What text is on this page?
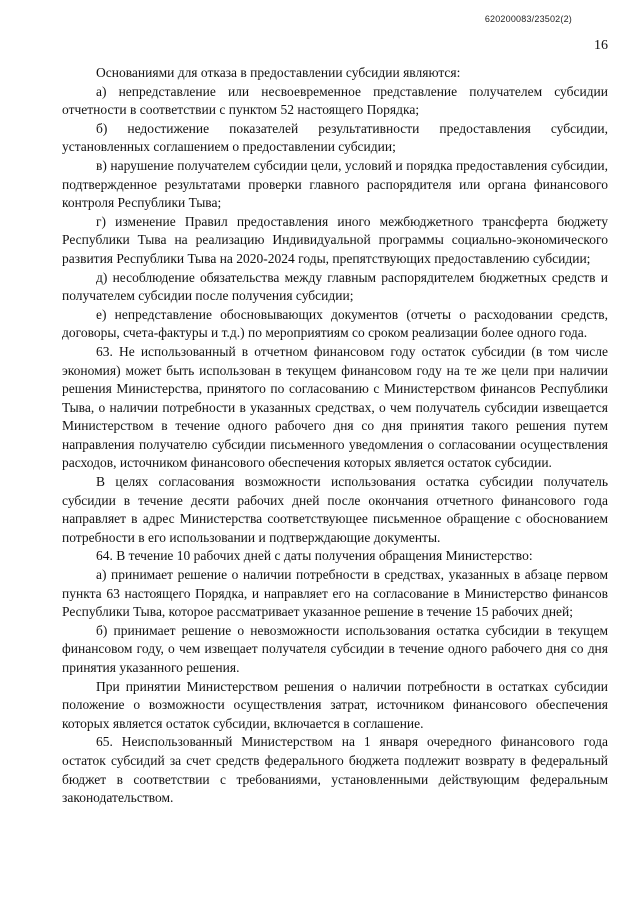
620200083/23502(2)
16

Основаниями для отказа в предоставлении субсидии являются:

а) непредставление или несвоевременное представление получателем субсидии отчетности в соответствии с пунктом 52 настоящего Порядка;

б) недостижение показателей результативности предоставления субсидии, установленных соглашением о предоставлении субсидии;

в) нарушение получателем субсидии цели, условий и порядка предоставления субсидии, подтвержденное результатами проверки главного распорядителя или органа финансового контроля Республики Тыва;

г) изменение Правил предоставления иного межбюджетного трансферта бюджету Республики Тыва на реализацию Индивидуальной программы социально-экономического развития Республики Тыва на 2020-2024 годы, препятствующих предоставлению субсидии;

д) несоблюдение обязательства между главным распорядителем бюджетных средств и получателем субсидии после получения субсидии;

е) непредставление обосновывающих документов (отчеты о расходовании средств, договоры, счета-фактуры и т.д.) по мероприятиям со сроком реализации более одного года.

63. Не использованный в отчетном финансовом году остаток субсидии (в том числе экономия) может быть использован в текущем финансовом году на те же цели при наличии решения Министерства, принятого по согласованию с Министерством финансов Республики Тыва, о наличии потребности в указанных средствах, о чем получатель субсидии извещается Министерством в течение одного рабочего дня со дня принятия такого решения путем направления получателю субсидии письменного уведомления о согласовании осуществления расходов, источником финансового обеспечения которых является остаток субсидии.

В целях согласования возможности использования остатка субсидии получатель субсидии в течение десяти рабочих дней после окончания отчетного финансового года направляет в адрес Министерства соответствующее письменное обращение с обоснованием потребности в его использовании и подтверждающие документы.

64. В течение 10 рабочих дней с даты получения обращения Министерство:

а) принимает решение о наличии потребности в средствах, указанных в абзаце первом пункта 63 настоящего Порядка, и направляет его на согласование в Министерство финансов Республики Тыва, которое рассматривает указанное решение в течение 15 рабочих дней;

б) принимает решение о невозможности использования остатка субсидии в текущем финансовом году, о чем извещает получателя субсидии в течение одного рабочего дня со дня принятия указанного решения.

При принятии Министерством решения о наличии потребности в остатках субсидии положение о возможности осуществления затрат, источником финансового обеспечения которых является остаток субсидии, включается в соглашение.

65. Неиспользованный Министерством на 1 января очередного финансового года остаток субсидий за счет средств федерального бюджета подлежит возврату в федеральный бюджет в соответствии с требованиями, установленными действующим федеральным законодательством.
